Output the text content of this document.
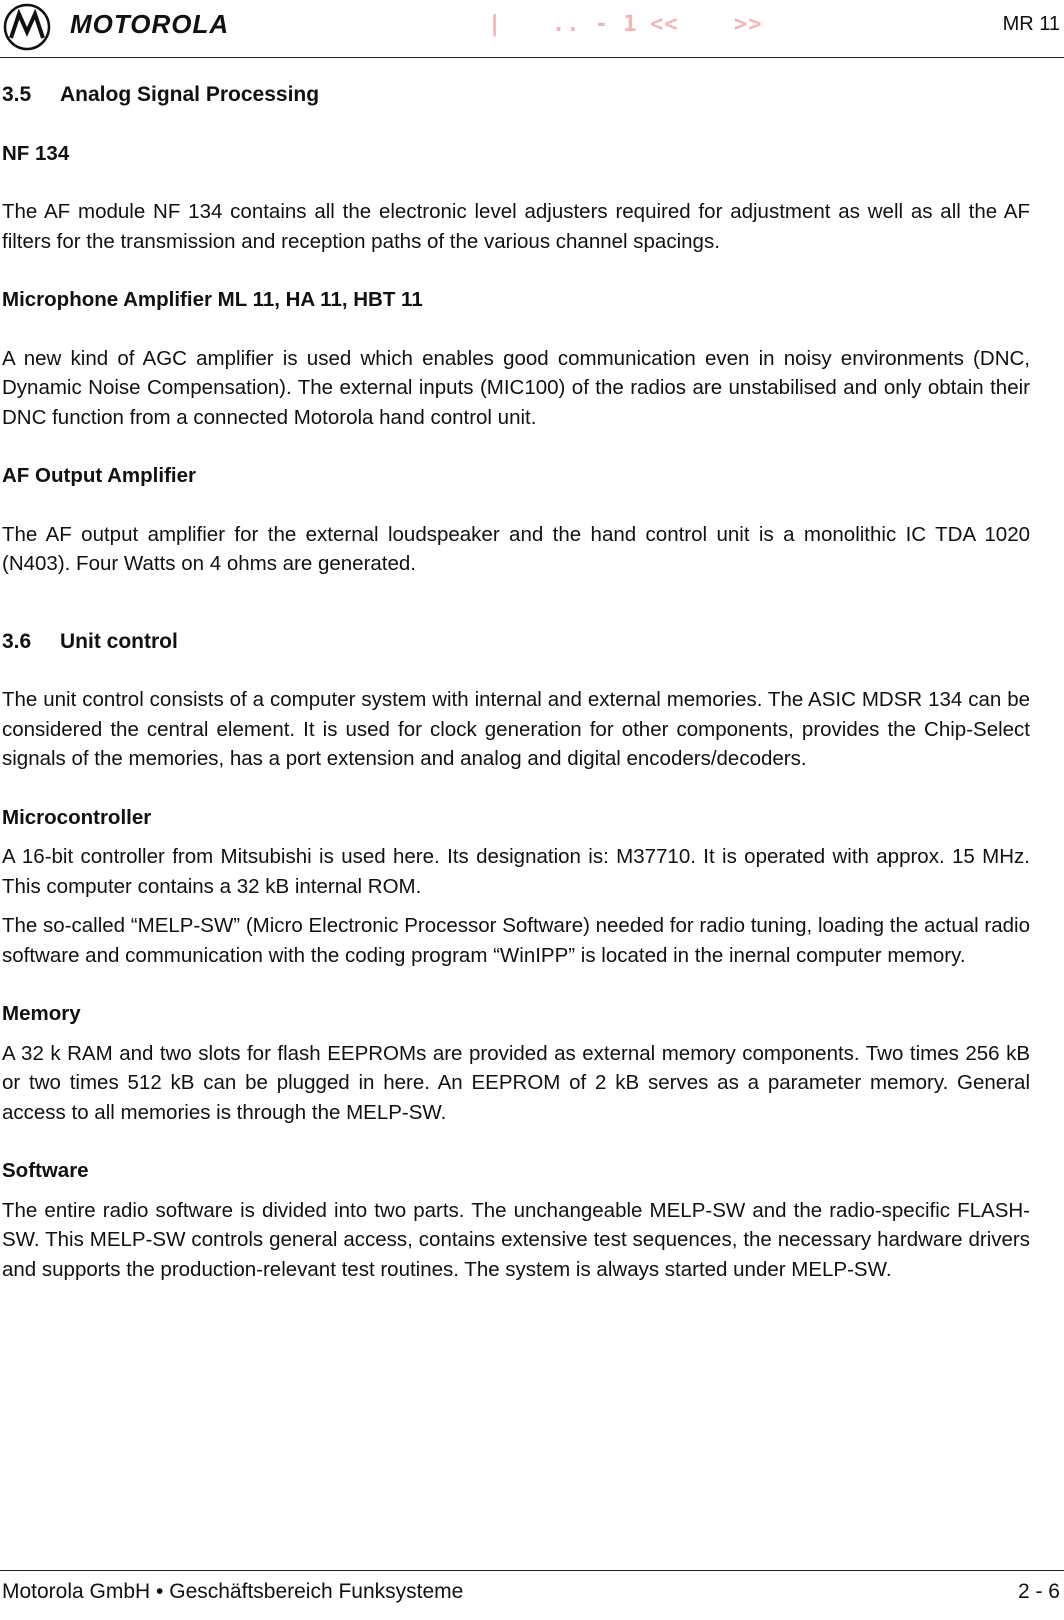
MOTOROLA	| .. - 1 <<	>>	MR 11
3.5 Analog Signal Processing
NF 134

The AF module NF 134 contains all the electronic level adjusters required for adjustment as well as all the AF filters for the transmission and reception paths of the various channel spacings.

Microphone Amplifier ML 11, HA 11, HBT 11

A new kind of AGC amplifier is used which enables good communication even in noisy environments (DNC, Dynamic Noise Compensation). The external inputs (MIC100) of the radios are unstabilised and only obtain their DNC function from a connected Motorola hand control unit.

AF Output Amplifier

The AF output amplifier for the external loudspeaker and the hand control unit is a monolithic IC TDA 1020 (N403). Four Watts on 4 ohms are generated.

3.6 Unit control

The unit control consists of a computer system with internal and external memories. The ASIC MDSR 134 can be considered the central element. It is used for clock generation for other components, provides the Chip-Select signals of the memories, has a port extension and analog and digital encoders/decoders.

Microcontroller

A 16-bit controller from Mitsubishi is used here. Its designation is: M37710. It is operated with approx. 15 MHz. This computer contains a 32 kB internal ROM.

The so-called “MELP-SW” (Micro Electronic Processor Software) needed for radio tuning, loading the actual radio software and communication with the coding program “WinIPP” is located in the inernal computer memory.

Memory

A 32 k RAM and two slots for flash EEPROMs are provided as external memory components. Two times 256 kB or two times 512 kB can be plugged in here. An EEPROM of 2 kB serves as a parameter memory. General access to all memories is through the MELP-SW.

Software

The entire radio software is divided into two parts. The unchangeable MELP-SW and the radio-specific FLASH-SW. This MELP-SW controls general access, contains extensive test sequences, the necessary hardware drivers and supports the production-relevant test routines. The system is always started under MELP-SW.

Motorola GmbH • Geschäftsbereich Funksysteme	2 - 6
